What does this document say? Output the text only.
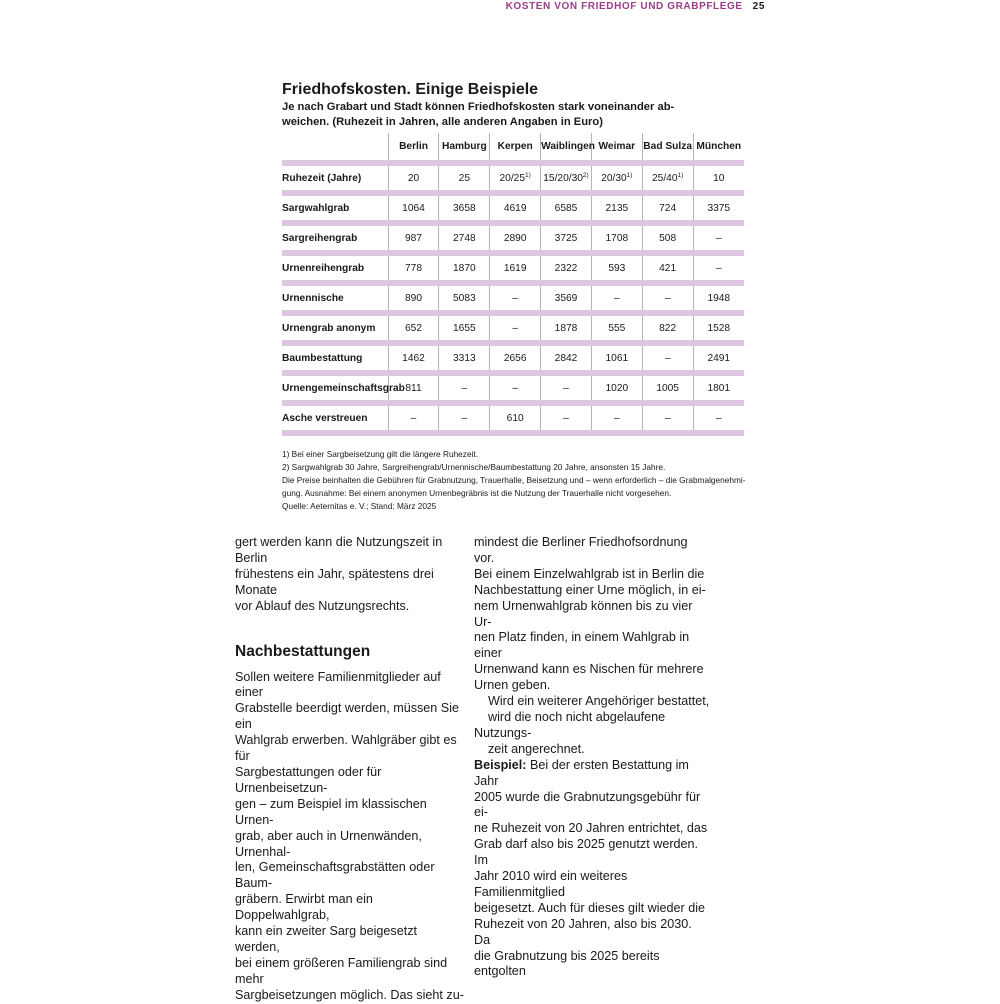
KOSTEN VON FRIEDHOF UND GRABPFLEGE 25
Friedhofskosten. Einige Beispiele
Je nach Grabart und Stadt können Friedhofskosten stark voneinander ab-
weichen. (Ruhezeit in Jahren, alle anderen Angaben in Euro)
	Berlin	Hamburg	Kerpen	Waiblingen	Weimar	Bad Sulza	München

Ruhezeit (Jahre)	20	25	20/25$^{1)}$	15/20/30$^{2)}$	20/30$^{1)}$	25/40$^{1)}$	10

Sargwahlgrab	1064	3658	4619	6585	2135	724	3375

Sargreihengrab	987	2748	2890	3725	1708	508	–

Urnenreihengrab	778	1870	1619	2322	593	421	–

Urnennische	890	5083	–	3569	–	–	1948

Urnengrab anonym	652	1655	–	1878	555	822	1528

Baumbestattung	1462	3313	2656	2842	1061	–	2491

Urnengemeinschaftsgrab	811	–	–	–	1020	1005	1801

Asche verstreuen	–	–	610	–	–	–	–

1) Bei einer Sargbeisetzung gilt die längere Ruhezeit.

2) Sargwahlgrab 30 Jahre, Sargreihengrab/Urnennische/Baumbestattung 20 Jahre, ansonsten 15 Jahre.

Die Preise beinhalten die Gebühren für Grabnutzung, Trauerhalle, Beisetzung und – wenn erforderlich – die Grabmalgenehmi-

gung. Ausnahme: Bei einem anonymen Urnenbegräbnis ist die Nutzung der Trauerhalle nicht vorgesehen.

Quelle: Aeternitas e. V.; Stand: März 2025

gert werden kann die Nutzungszeit in Berlin
frühestens ein Jahr, spätestens drei Monate
vor Ablauf des Nutzungsrechts.

Nachbestattungen

Sollen weitere Familienmitglieder auf einer
Grabstelle beerdigt werden, müssen Sie ein
Wahlgrab erwerben. Wahlgräber gibt es für
Sargbestattungen oder für Urnenbeisetzun-
gen – zum Beispiel im klassischen Urnen-
grab, aber auch in Urnenwänden, Urnenhal-
len, Gemeinschaftsgrabstätten oder Baum-
gräbern. Erwirbt man ein Doppelwahlgrab,
kann ein zweiter Sarg beigesetzt werden,
bei einem größeren Familiengrab sind mehr
Sargbeisetzungen möglich. Das sieht zu-

mindest die Berliner Friedhofsordnung vor.
Bei einem Einzelwahlgrab ist in Berlin die
Nachbestattung einer Urne möglich, in ei-
nem Urnenwahlgrab können bis zu vier Ur-
nen Platz finden, in einem Wahlgrab in einer
Urnenwand kann es Nischen für mehrere
Urnen geben.

Wird ein weiterer Angehöriger bestattet,
wird die noch nicht abgelaufene Nutzungs-
zeit angerechnet.

Beispiel: Bei der ersten Bestattung im Jahr
2005 wurde die Grabnutzungsgebühr für ei-
ne Ruhezeit von 20 Jahren entrichtet, das
Grab darf also bis 2025 genutzt werden. Im
Jahr 2010 wird ein weiteres Familienmitglied
beigesetzt. Auch für dieses gilt wieder die
Ruhezeit von 20 Jahren, also bis 2030. Da
die Grabnutzung bis 2025 bereits entgolten
